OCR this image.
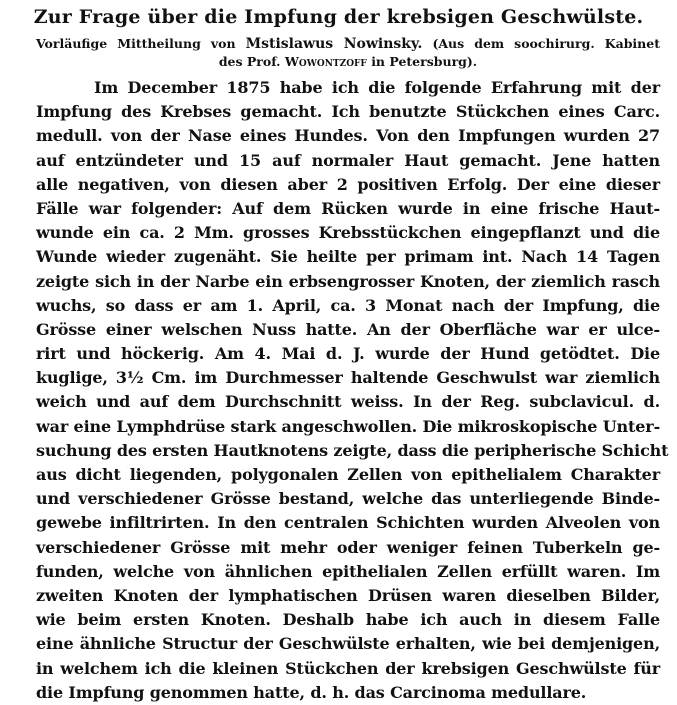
Zur Frage über die Impfung der krebsigen Geschwülste.
Vorläufige Mittheilung von Mstislawus Nowinsky. (Aus dem soochirurg. Kabinet
des Prof. Wowontzoff in Petersburg).
Im December 1875 habe ich die folgende Erfahrung mit der
Impfung des Krebses gemacht. Ich benutzte Stückchen eines Carc.
medull. von der Nase eines Hundes. Von den Impfungen wurden 27
auf entzündeter und 15 auf normaler Haut gemacht. Jene hatten
alle negativen, von diesen aber 2 positiven Erfolg. Der eine dieser
Fälle war folgender: Auf dem Rücken wurde in eine frische Haut-
wunde ein ca. 2 Mm. grosses Krebsstückchen eingepflanzt und die
Wunde wieder zugenäht. Sie heilte per primam int. Nach 14 Tagen
zeigte sich in der Narbe ein erbsengrosser Knoten, der ziemlich rasch
wuchs, so dass er am 1. April, ca. 3 Monat nach der Impfung, die
Grösse einer welschen Nuss hatte. An der Oberfläche war er ulce-
rirt und höckerig. Am 4. Mai d. J. wurde der Hund getödtet. Die
kuglige, 3½ Cm. im Durchmesser haltende Geschwulst war ziemlich
weich und auf dem Durchschnitt weiss. In der Reg. subclavicul. d.
war eine Lymphdrüse stark angeschwollen. Die mikroskopische Unter-
suchung des ersten Hautknotens zeigte, dass die peripherische Schicht
aus dicht liegenden, polygonalen Zellen von epithelialem Charakter
und verschiedener Grösse bestand, welche das unterliegende Binde-
gewebe infiltrirten. In den centralen Schichten wurden Alveolen von
verschiedener Grösse mit mehr oder weniger feinen Tuberkeln ge-
funden, welche von ähnlichen epithelialen Zellen erfüllt waren. Im
zweiten Knoten der lymphatischen Drüsen waren dieselben Bilder,
wie beim ersten Knoten. Deshalb habe ich auch in diesem Falle
eine ähnliche Structur der Geschwülste erhalten, wie bei demjenigen,
in welchem ich die kleinen Stückchen der krebsigen Geschwülste für
die Impfung genommen hatte, d. h. das Carcinoma medullare.
